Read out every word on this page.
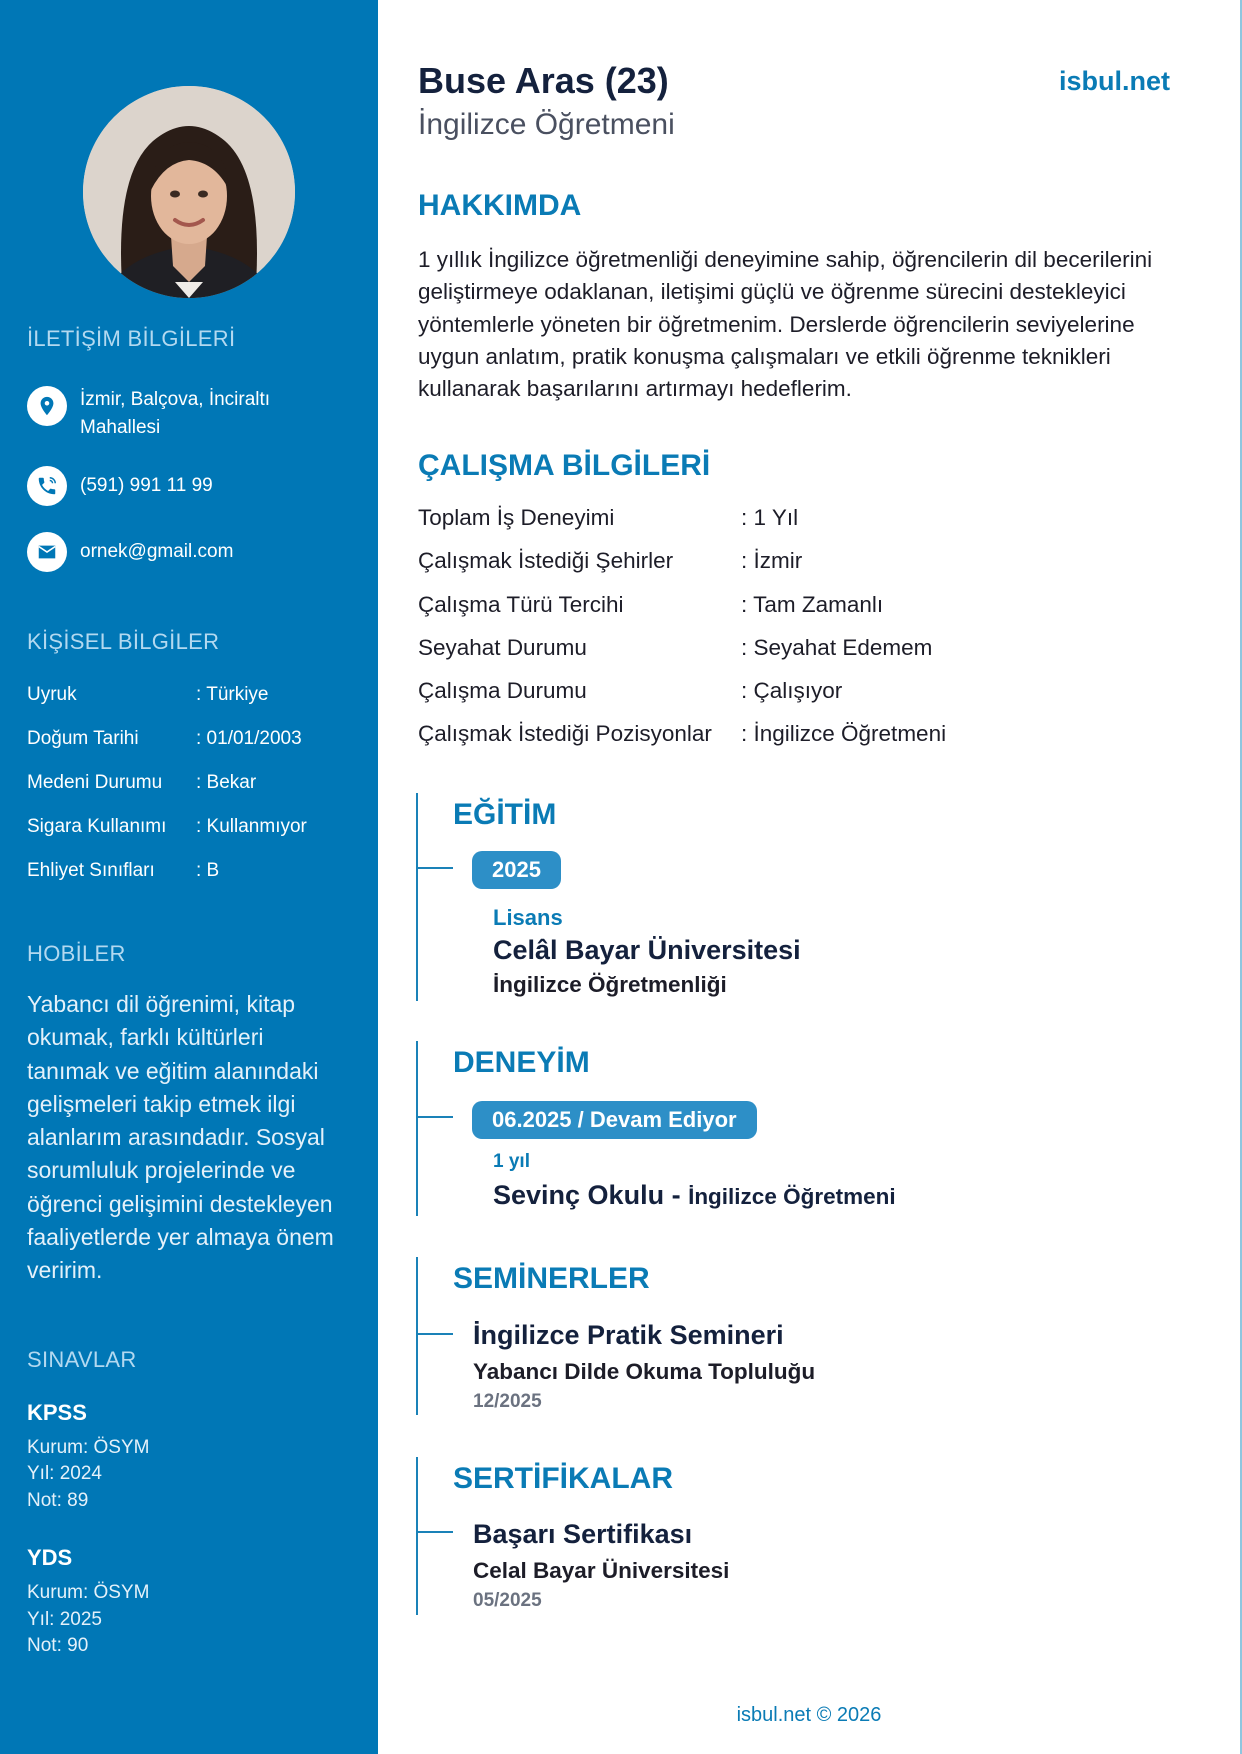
İLETİŞİM BİLGİLERİ
İzmir, Balçova, İnciraltı
Mahallesi
(591) 991 11 99
ornek@gmail.com
KİŞİSEL BİLGİLER
Uyruk	: Türkiye
Doğum Tarihi	: 01/01/2003
Medeni Durumu	: Bekar
Sigara Kullanımı	: Kullanmıyor
Ehliyet Sınıfları	: B
HOBİLER
Yabancı dil öğrenimi, kitap okumak, farklı kültürleri tanımak ve eğitim alanındaki gelişmeleri takip etmek ilgi alanlarım arasındadır. Sosyal sorumluluk projelerinde ve öğrenci gelişimini destekleyen faaliyetlerde yer almaya önem veririm.
SINAVLAR
KPSS
Kurum: ÖSYM
Yıl: 2024
Not: 89
YDS
Kurum: ÖSYM
Yıl: 2025
Not: 90
Buse Aras (23)
İngilizce Öğretmeni
isbul.net
HAKKIMDA
1 yıllık İngilizce öğretmenliği deneyimine sahip, öğrencilerin dil becerilerini
geliştirmeye odaklanan, iletişimi güçlü ve öğrenme sürecini destekleyici
yöntemlerle yöneten bir öğretmenim. Derslerde öğrencilerin seviyelerine
uygun anlatım, pratik konuşma çalışmaları ve etkili öğrenme teknikleri
kullanarak başarılarını artırmayı hedeflerim.
ÇALIŞMA BİLGİLERİ
Toplam İş Deneyimi	: 1 Yıl
Çalışmak İstediği Şehirler	: İzmir
Çalışma Türü Tercihi	: Tam Zamanlı
Seyahat Durumu	: Seyahat Edemem
Çalışma Durumu	: Çalışıyor
Çalışmak İstediği Pozisyonlar	: İngilizce Öğretmeni
EĞİTİM
2025
Lisans
Celâl Bayar Üniversitesi
İngilizce Öğretmenliği
DENEYİM
06.2025 / Devam Ediyor
1 yıl
Sevinç Okulu - İngilizce Öğretmeni
SEMİNERLER
İngilizce Pratik Semineri
Yabancı Dilde Okuma Topluluğu
12/2025
SERTİFİKALAR
Başarı Sertifikası
Celal Bayar Üniversitesi
05/2025
isbul.net © 2026
